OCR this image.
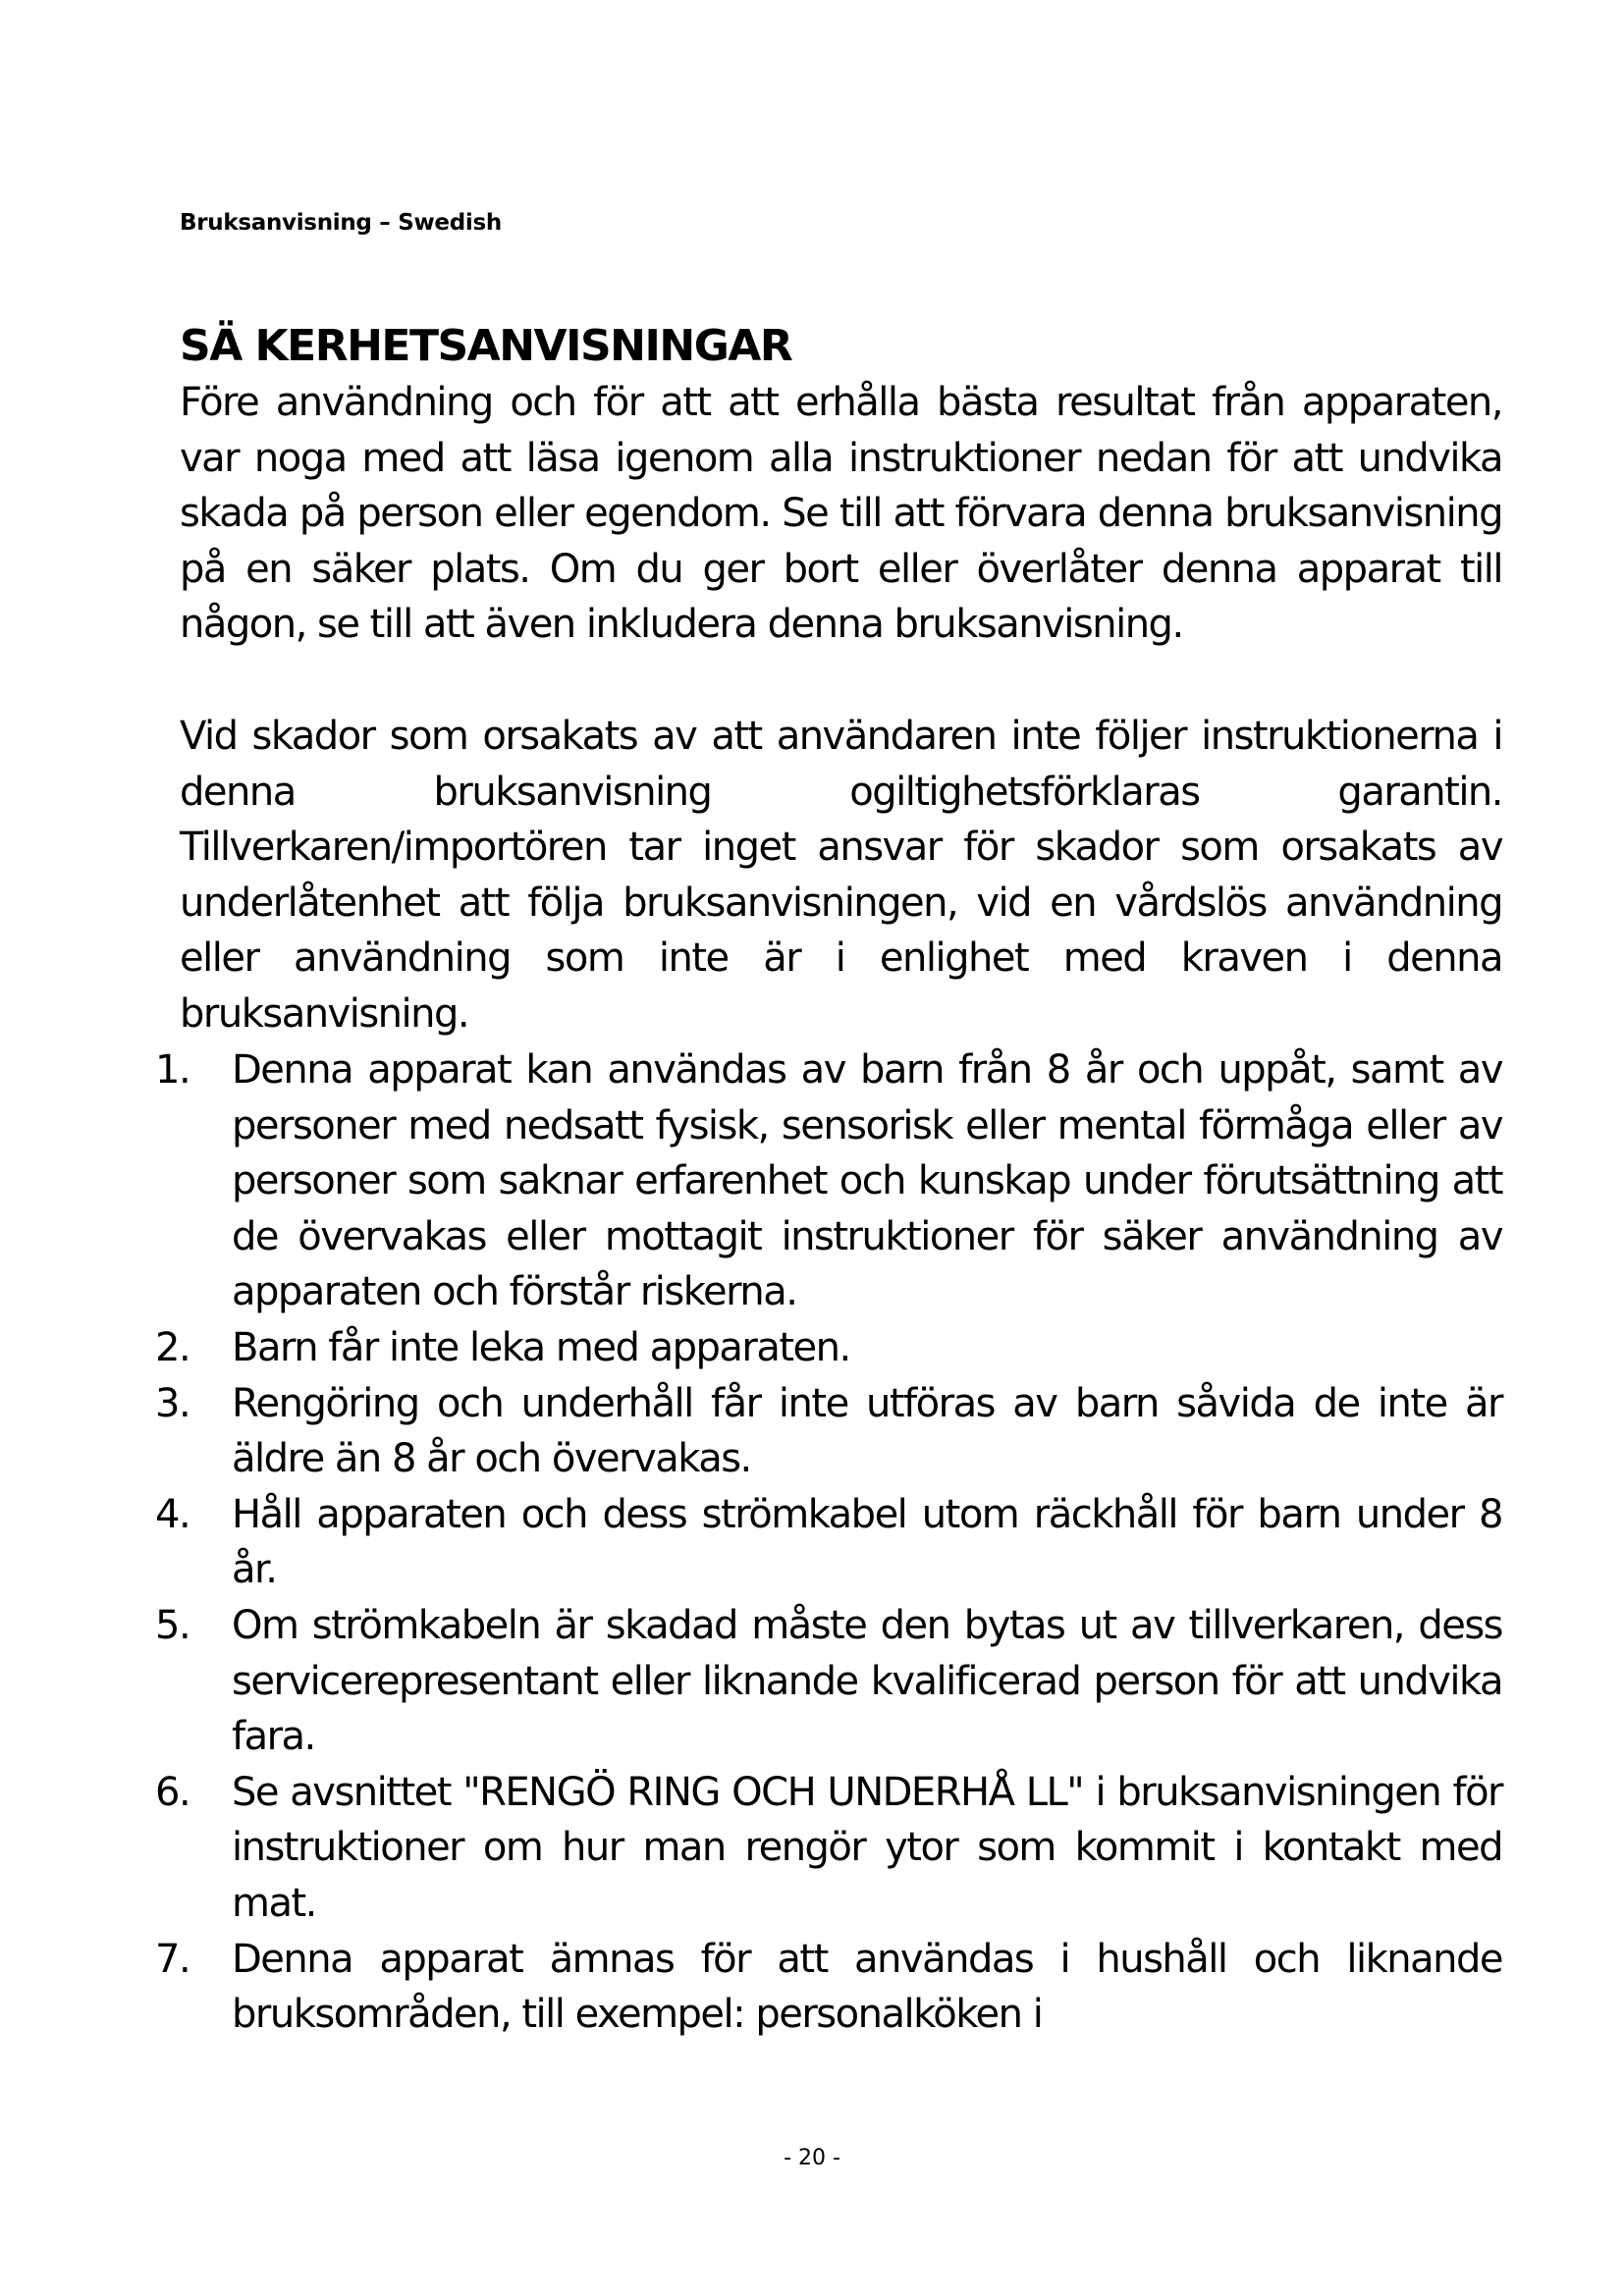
Bruksanvisning – Swedish
SÄ KERHETSANVISNINGAR
Före användning och för att att erhålla bästa resultat från apparaten, var noga med att läsa igenom alla instruktioner nedan för att undvika skada på person eller egendom. Se till att förvara denna bruksanvisning på en säker plats. Om du ger bort eller överlåter denna apparat till någon, se till att även inkludera denna bruksanvisning.
Vid skador som orsakats av att användaren inte följer instruktionerna i denna bruksanvisning ogiltighetsförklaras garantin. Tillverkaren/importören tar inget ansvar för skador som orsakats av underlåtenhet att följa bruksanvisningen, vid en vårdslös användning eller användning som inte är i enlighet med kraven i denna bruksanvisning.
1.	Denna apparat kan användas av barn från 8 år och uppåt, samt av personer med nedsatt fysisk, sensorisk eller mental förmåga eller av personer som saknar erfarenhet och kunskap under förutsättning att de övervakas eller mottagit instruktioner för säker användning av apparaten och förstår riskerna.
2.	Barn får inte leka med apparaten.
3.	Rengöring och underhåll får inte utföras av barn såvida de inte är äldre än 8 år och övervakas.
4.	Håll apparaten och dess strömkabel utom räckhåll för barn under 8 år.
5.	Om strömkabeln är skadad måste den bytas ut av tillverkaren, dess servicerepresentant eller liknande kvalificerad person för att undvika fara.
6.	Se avsnittet "RENGÖ RING OCH UNDERHÅ LL" i bruksanvisningen för instruktioner om hur man rengör ytor som kommit i kontakt med mat.
7.	Denna apparat ämnas för att användas i hushåll och liknande bruksområden, till exempel: personalköken i
- 20 -
